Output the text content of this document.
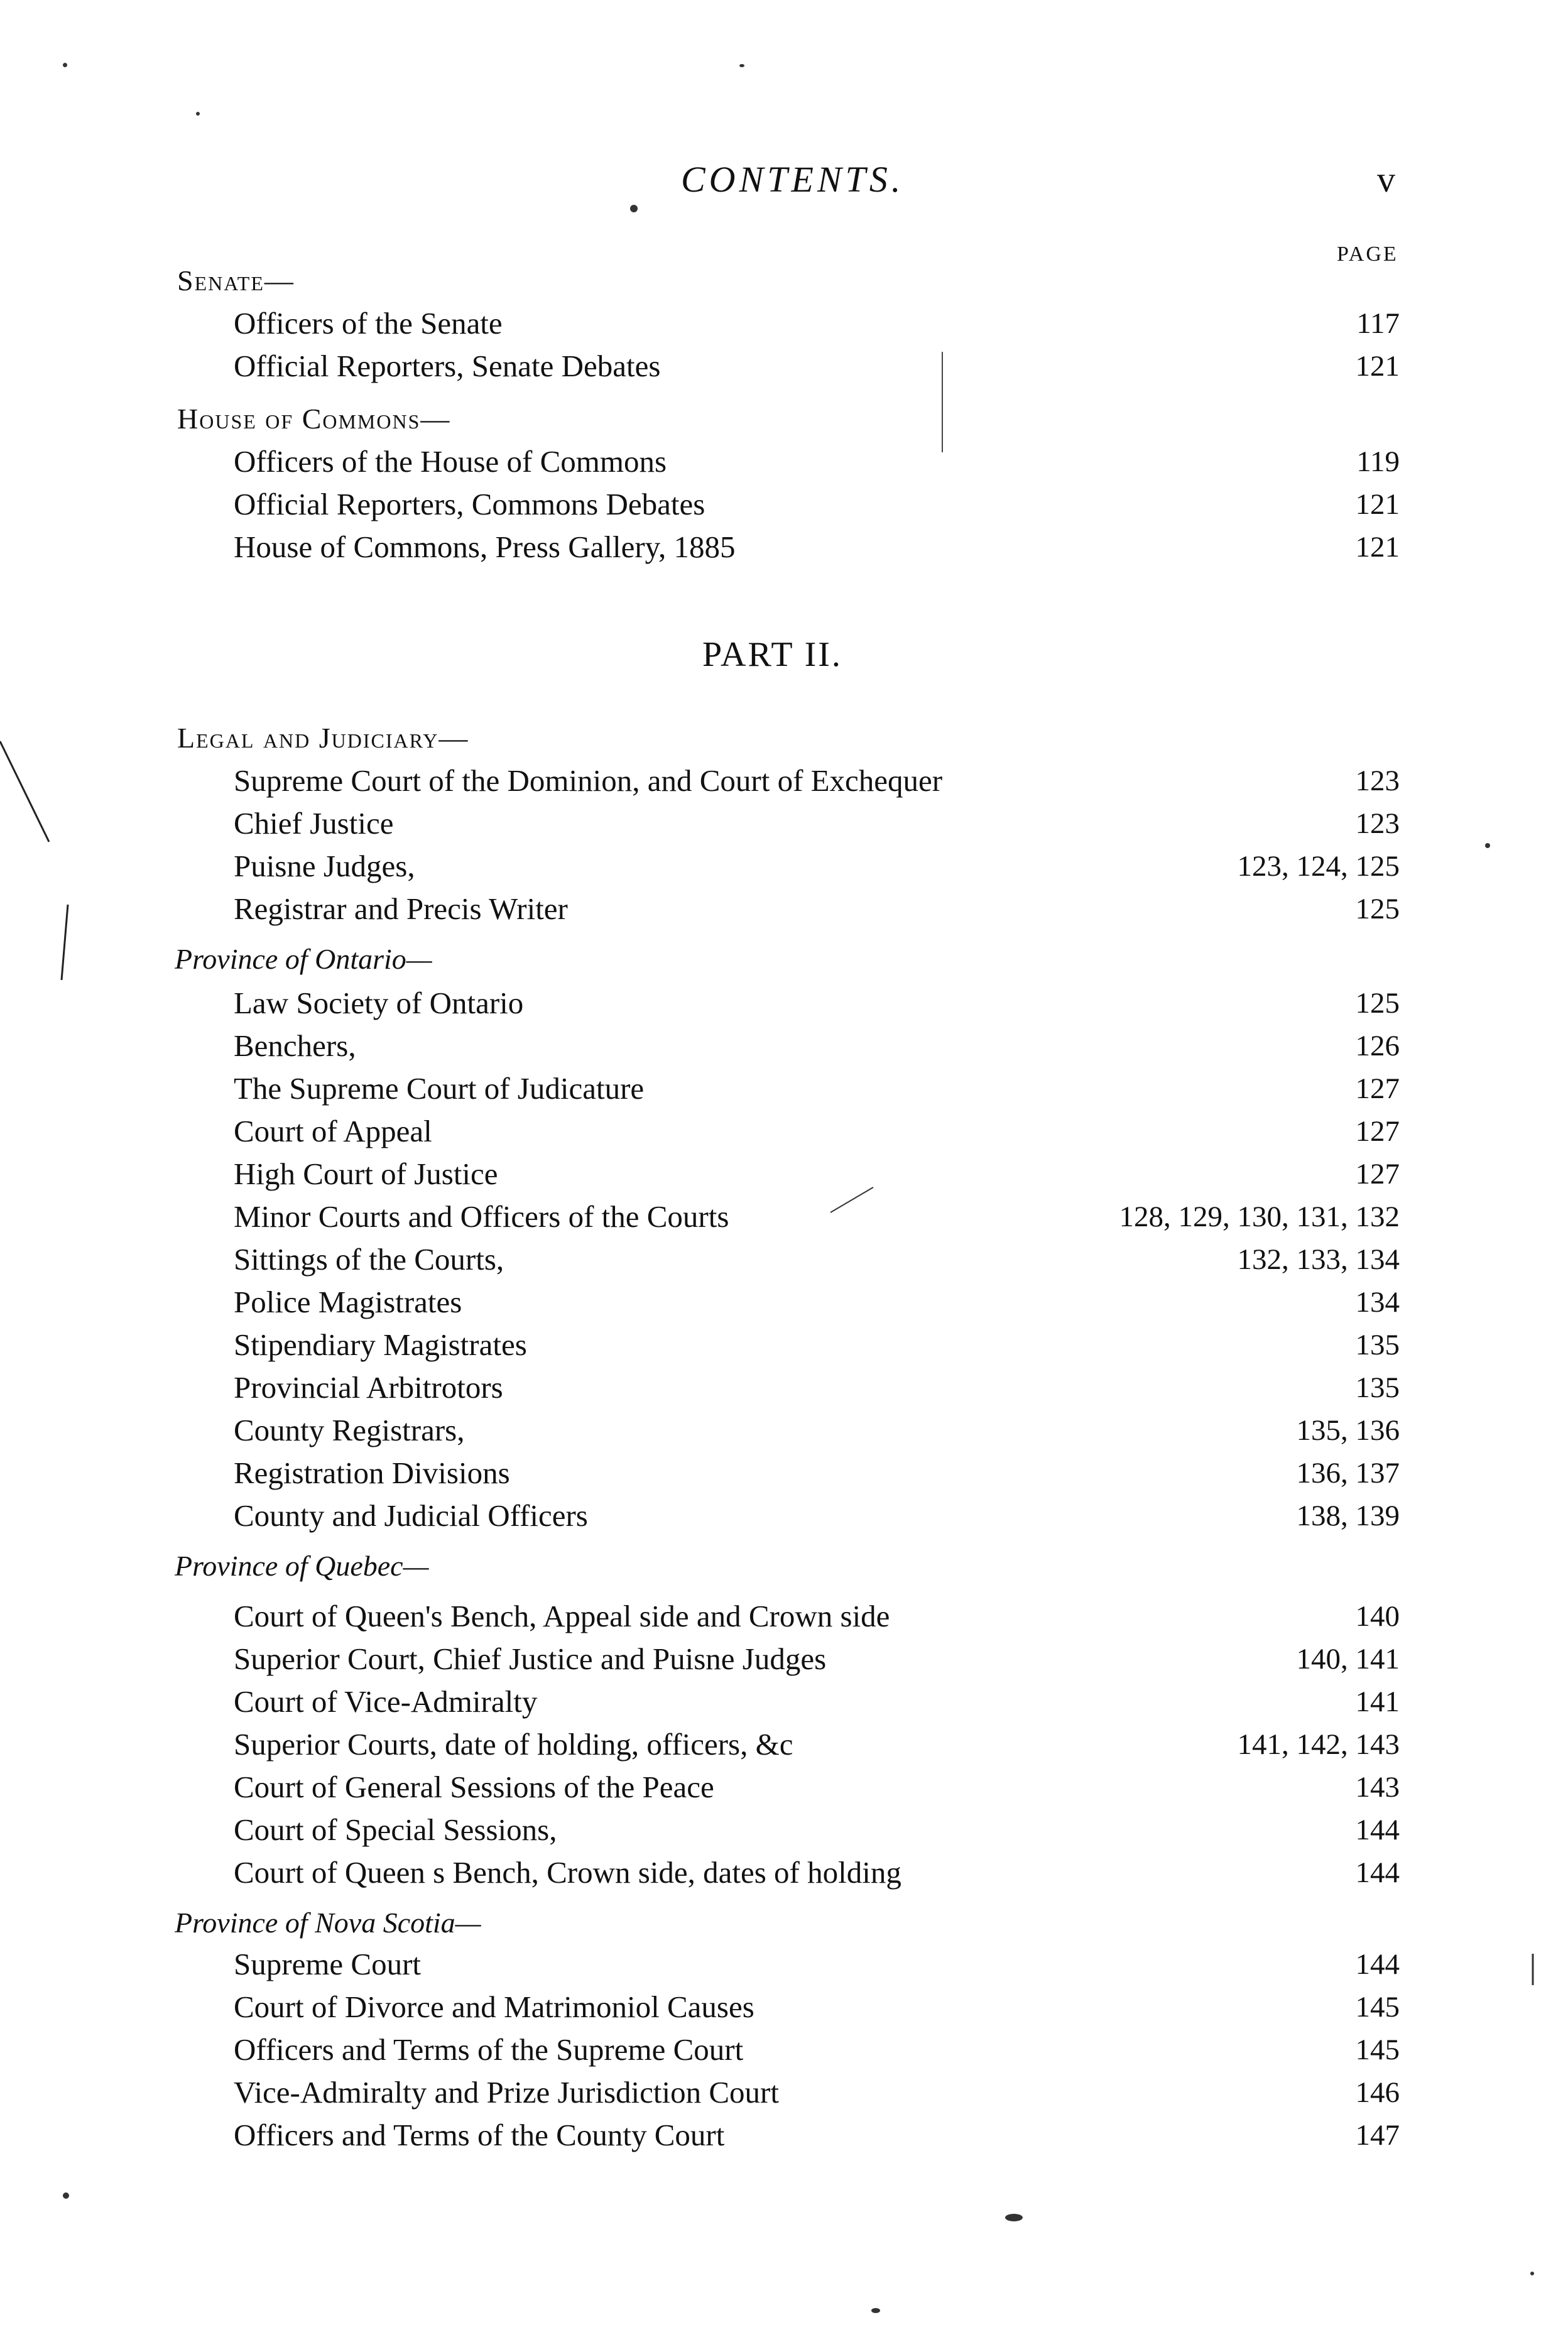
CONTENTS.	v
PAGE
Senate—
Officers of the Senate	117
Official Reporters, Senate Debates	121
House of Commons—
Officers of the House of Commons	119
Official Reporters, Commons Debates	121
House of Commons, Press Gallery, 1885	121
PART II.
Legal and Judiciary—
Supreme Court of the Dominion, and Court of Exchequer	123
Chief Justice	123
Puisne Judges,	123, 124, 125
Registrar and Precis Writer	125
Province of Ontario—
Law Society of Ontario	125
Benchers,	126
The Supreme Court of Judicature	127
Court of Appeal	127
High Court of Justice	127
Minor Courts and Officers of the Courts	128, 129, 130, 131, 132
Sittings of the Courts,	132, 133, 134
Police Magistrates	134
Stipendiary Magistrates	135
Provincial Arbitrotors	135
County Registrars,	135, 136
Registration Divisions	136, 137
County and Judicial Officers	138, 139
Province of Quebec—
Court of Queen's Bench, Appeal side and Crown side	140
Superior Court, Chief Justice and Puisne Judges	140, 141
Court of Vice-Admiralty	141
Superior Courts, date of holding, officers, &c	141, 142, 143
Court of General Sessions of the Peace	143
Court of Special Sessions,	144
Court of Queen s Bench, Crown side, dates of holding	144
Province of Nova Scotia—
Supreme Court	144
Court of Divorce and Matrimoniol Causes	145
Officers and Terms of the Supreme Court	145
Vice-Admiralty and Prize Jurisdiction Court	146
Officers and Terms of the County Court	147
